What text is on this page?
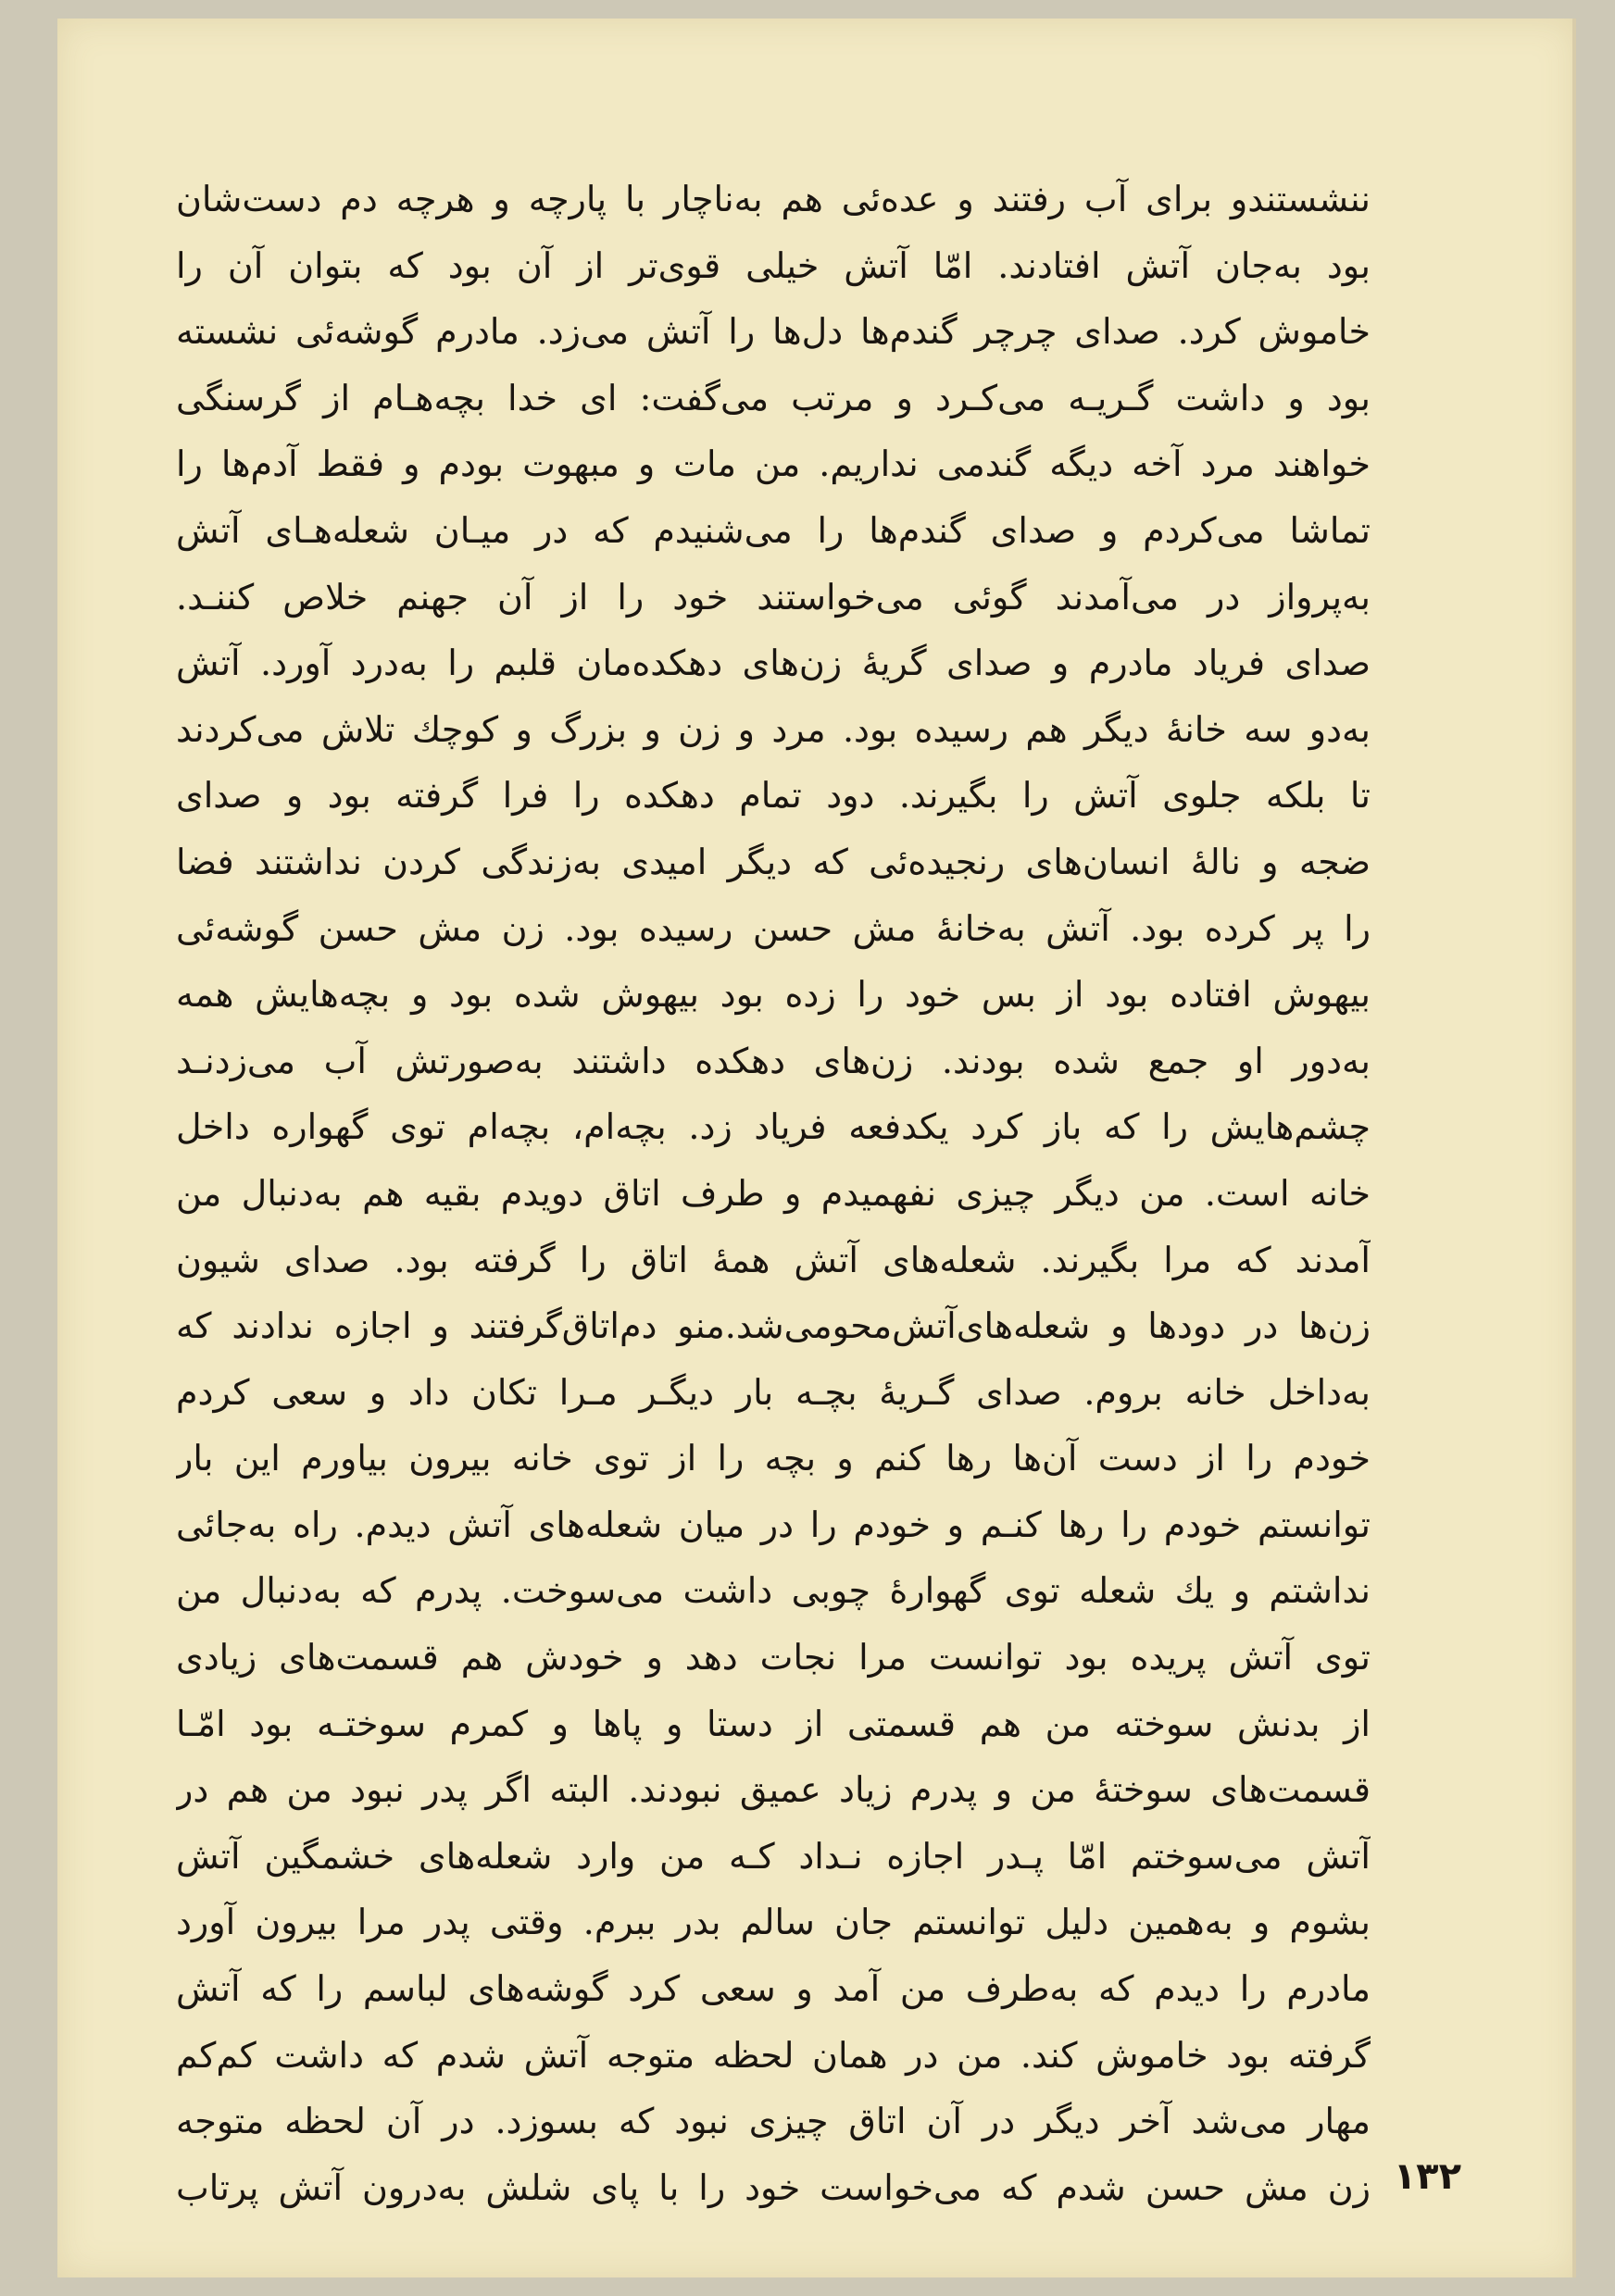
ننشستندو برای آب رفتند و عده‌ئی هم به‌ناچار با پارچه و هرچه دم دست‌شان
بود به‌جان آتش افتادند. امّا آتش خیلی قوی‌تر از آن بود که بتوان آن را
خاموش کرد. صدای چرچر گندم‌ها دل‌ها را آتش می‌زد. مادرم گوشه‌ئی نشسته
بود و داشت گـریـه می‌کـرد و مرتب می‌گفت: ای خدا بچه‌هـام از گرسنگی
خواهند مرد آخه دیگه گندمی نداریم. من مات و مبهوت بودم و فقط آدم‌ها را
تماشا می‌کردم و صدای گندم‌ها را می‌شنیدم که در میـان شعله‌هـای آتش
به‌پرواز در می‌آمدند گوئی می‌خواستند خود را از آن جهنم خلاص کننـد.
صدای فریاد مادرم و صدای گریهٔ زن‌های دهکده‌مان قلبم را به‌درد آورد. آتش
به‌دو سه خانهٔ دیگر هم رسیده بود. مرد و زن و بزرگ و کوچك تلاش می‌کردند
تا بلکه جلوی آتش را بگیرند. دود تمام دهکده را فرا گرفته بود و صدای
ضجه و نالهٔ انسان‌های رنجیده‌ئی که دیگر امیدی به‌زندگی کردن نداشتند فضا
را پر کرده بود. آتش به‌خانهٔ مش حسن رسیده بود. زن مش حسن گوشه‌ئی
بیهوش افتاده بود از بس خود را زده بود بیهوش شده بود و بچه‌هایش همه
به‌دور او جمع شده بودند. زن‌های دهکده داشتند به‌صورتش آب می‌زدنـد
چشم‌هایش را که باز کرد یکدفعه فریاد زد. بچه‌ام، بچه‌ام توی گهواره داخل
خانه است. من دیگر چیزی نفهمیدم و طرف اتاق دویدم بقیه هم به‌دنبال من
آمدند که مرا بگیرند. شعله‌های آتش همهٔ اتاق را گرفته بود. صدای شیون
زن‌ها در دودها و شعله‌های‌آتش‌محومی‌شد.منو دم‌اتاق‌گرفتند و اجازه ندادند که
به‌داخل خانه بروم. صدای گـریهٔ بچـه بار دیگـر مـرا تکان داد و سعی کردم
خودم را از دست آن‌ها رها کنم و بچه را از توی خانه بیرون بیاورم این بار
توانستم خودم را رها کنـم و خودم را در میان شعله‌های آتش دیدم. راه به‌جائی
نداشتم و یك شعله توی گهوارهٔ چوبی داشت می‌سوخت. پدرم که به‌دنبال من
توی آتش پریده بود توانست مرا نجات دهد و خودش هم قسمت‌های زیادی
از بدنش سوخته من هم قسمتی از دستا و پاها و کمرم سوختـه بود امّـا
قسمت‌های سوختهٔ من و پدرم زیاد عمیق نبودند. البته اگر پدر نبود من هم در
آتش می‌سوختم امّا پـدر اجازه نـداد کـه من وارد شعله‌های خشمگین آتش
بشوم و به‌همین دلیل توانستم جان سالم بدر ببرم. وقتی پدر مرا بیرون آورد
مادرم را دیدم که به‌طرف من آمد و سعی کرد گوشه‌های لباسم را که آتش
گرفته بود خاموش کند. من در همان لحظه متوجه آتش شدم که داشت کم‌کم
مهار می‌شد آخر دیگر در آن اتاق چیزی نبود که بسوزد. در آن لحظه متوجه
زن مش حسن شدم که می‌خواست خود را با پای شلش به‌درون آتش پرتاب ۱۳۲
